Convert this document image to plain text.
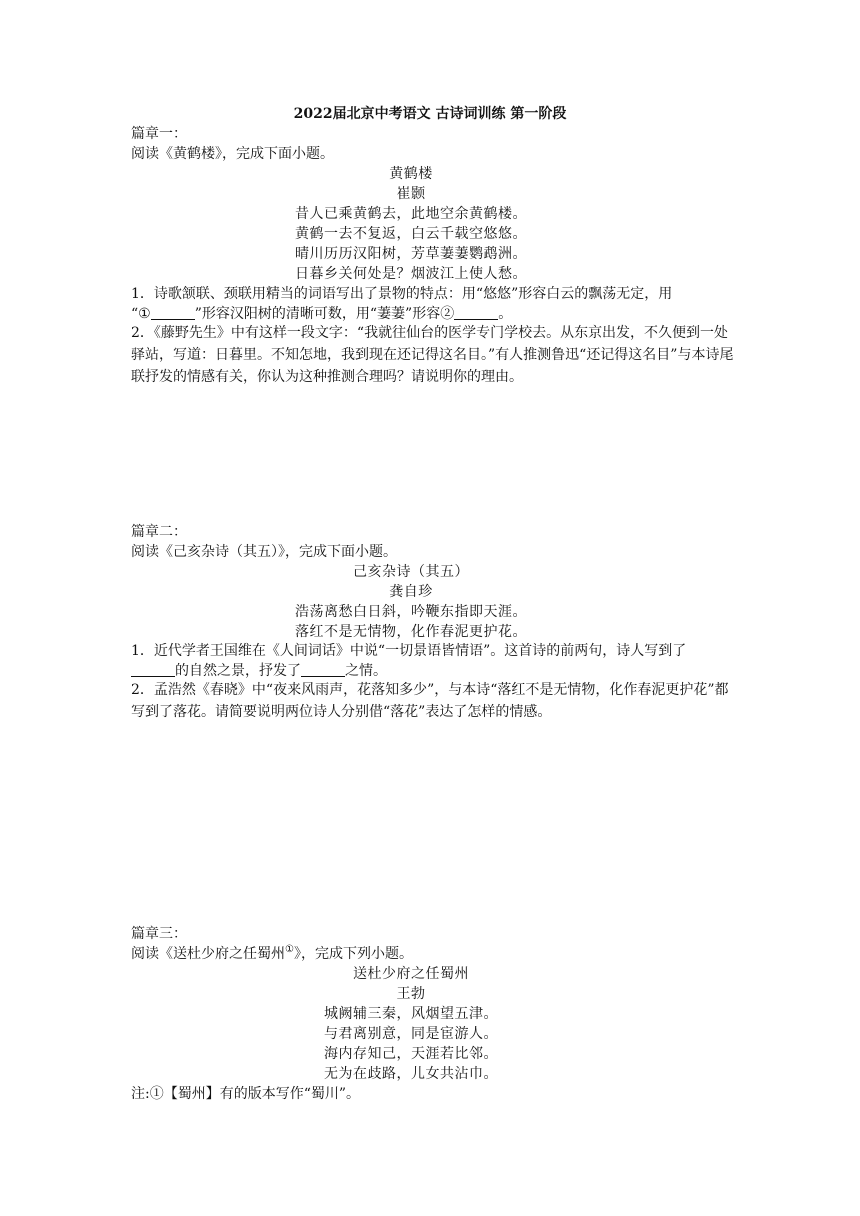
2022届北京中考语文 古诗词训练 第一阶段
篇章一：
阅读《黄鹤楼》，完成下面小题。
黄鹤楼
崔颢
昔人已乘黄鹤去，此地空余黄鹤楼。
黄鹤一去不复返，白云千载空悠悠。
晴川历历汉阳树，芳草萋萋鹦鹉洲。
日暮乡关何处是？烟波江上使人愁。
1．诗歌颔联、颈联用精当的词语写出了景物的特点：用“悠悠”形容白云的飘荡无定，用
“①	”形容汉阳树的清晰可数，用“萋萋”形容②	。
2．《藤野先生》中有这样一段文字：“我就往仙台的医学专门学校去。从东京出发，不久便到一处驿站，写道：日暮里。不知怎地，我到现在还记得这名目。”有人推测鲁迅“还记得这名目”与本诗尾联抒发的情感有关，你认为这种推测合理吗？请说明你的理由。
篇章二：
阅读《己亥杂诗（其五）》，完成下面小题。
己亥杂诗（其五）
龚自珍
浩荡离愁白日斜，吟鞭东指即天涯。
落红不是无情物，化作春泥更护花。
1．近代学者王国维在《人间词话》中说“一切景语皆情语”。这首诗的前两句，诗人写到了
的自然之景，抒发了	之情。
2．孟浩然《春晓》中“夜来风雨声，花落知多少”，与本诗“落红不是无情物，化作春泥更护花”都写到了落花。请简要说明两位诗人分别借“落花”表达了怎样的情感。
篇章三：
阅读《送杜少府之任蜀州①》，完成下列小题。
送杜少府之任蜀州
王勃
城阙辅三秦，风烟望五津。
与君离别意，同是宦游人。
海内存知己，天涯若比邻。
无为在歧路，儿女共沾巾。
注:①【蜀州】有的版本写作“蜀川”。
